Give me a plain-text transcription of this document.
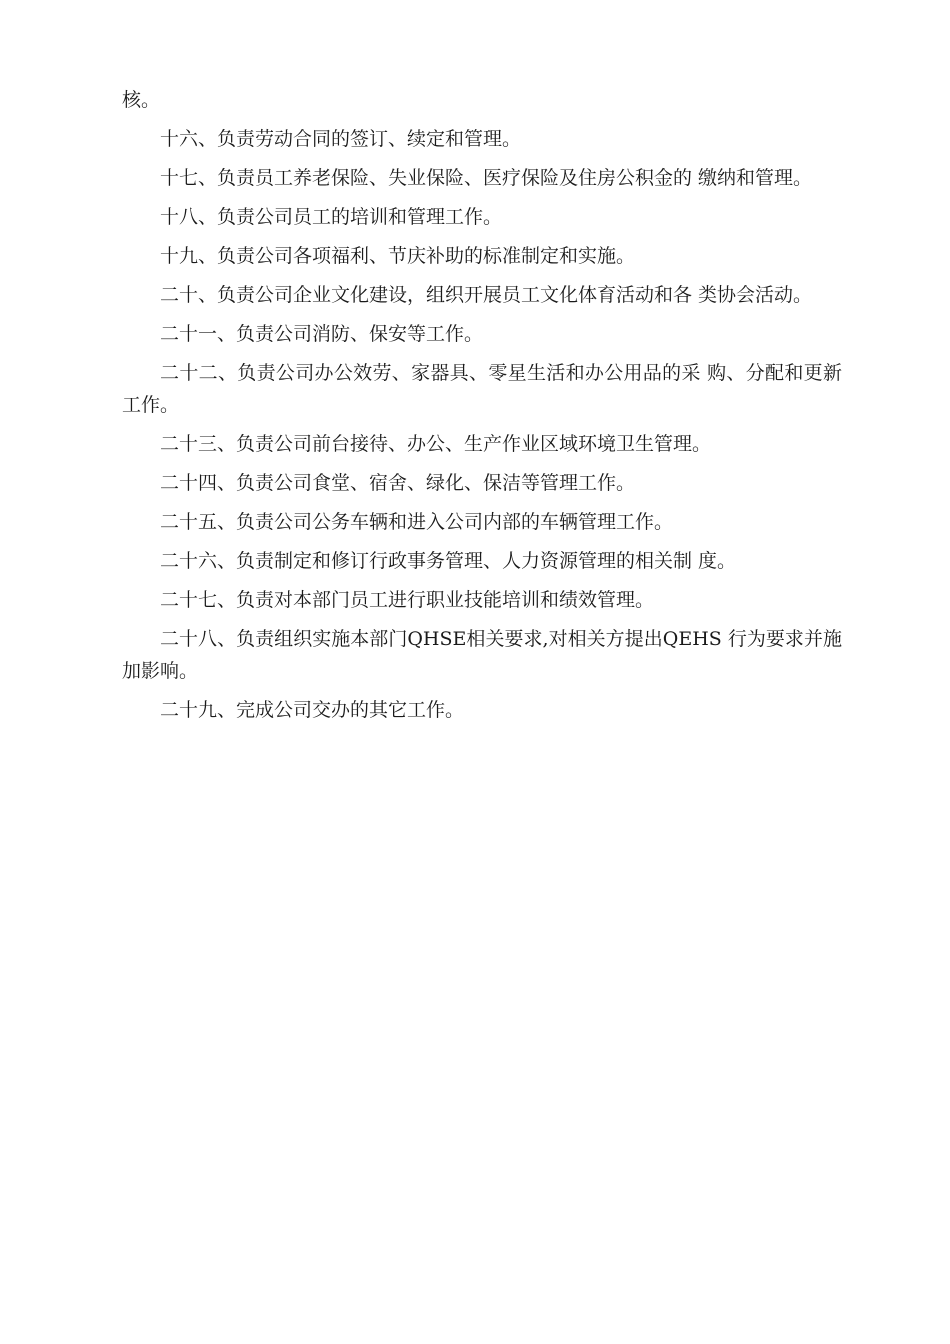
核。

十六、负责劳动合同的签订、续定和管理。

十七、负责员工养老保险、失业保险、医疗保险及住房公积金的 缴纳和管理。

十八、负责公司员工的培训和管理工作。

十九、负责公司各项福利、节庆补助的标准制定和实施。

二十、负责公司企业文化建设，组织开展员工文化体育活动和各 类协会活动。

二十一、负责公司消防、保安等工作。

二十二、负责公司办公效劳、家器具、零星生活和办公用品的采 购、分配和更新工作。

二十三、负责公司前台接待、办公、生产作业区域环境卫生管理。

二十四、负责公司食堂、宿舍、绿化、保洁等管理工作。

二十五、负责公司公务车辆和进入公司内部的车辆管理工作。

二十六、负责制定和修订行政事务管理、人力资源管理的相关制 度。

二十七、负责对本部门员工进行职业技能培训和绩效管理。

二十八、负责组织实施本部门QHSE相关要求,对相关方提出QEHS 行为要求并施加影响。

二十九、完成公司交办的其它工作。
